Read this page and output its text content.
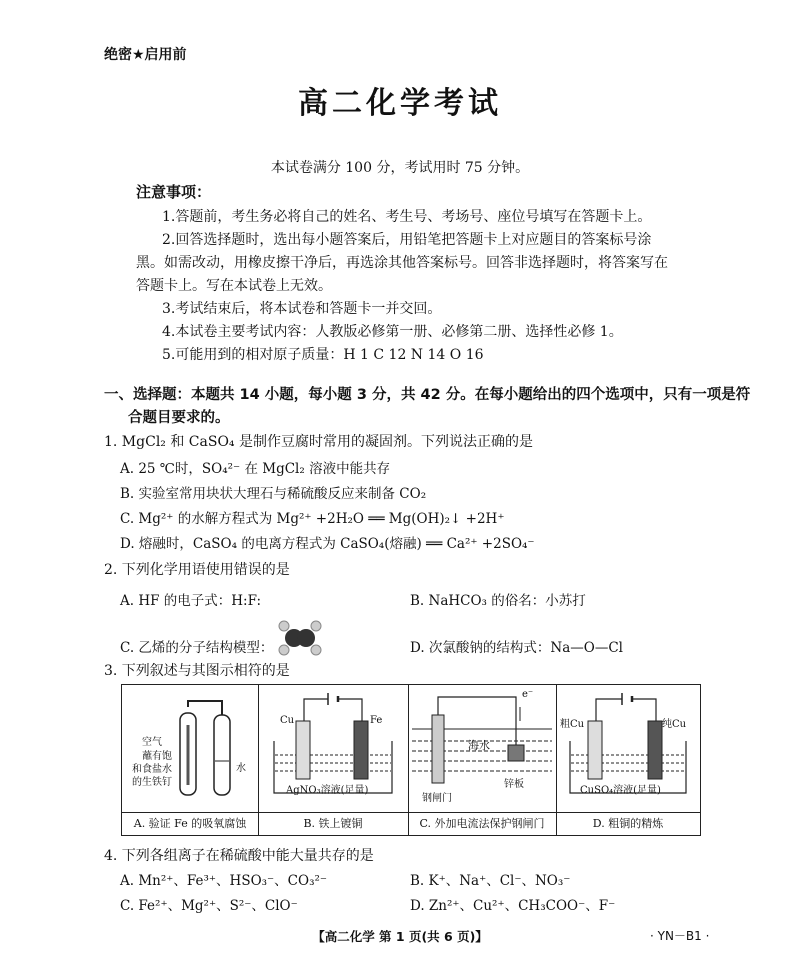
绝密★启用前
高二化学考试
本试卷满分 100 分，考试用时 75 分钟。
注意事项：
1.答题前，考生务必将自己的姓名、考生号、考场号、座位号填写在答题卡上。
2.回答选择题时，选出每小题答案后，用铅笔把答题卡上对应题目的答案标号涂
黑。如需改动，用橡皮擦干净后，再选涂其他答案标号。回答非选择题时，将答案写在
答题卡上。写在本试卷上无效。
3.考试结束后，将本试卷和答题卡一并交回。
4.本试卷主要考试内容：人教版必修第一册、必修第二册、选择性必修 1。
5.可能用到的相对原子质量：H 1 C 12 N 14 O 16
一、选择题：本题共 14 小题，每小题 3 分，共 42 分。在每小题给出的四个选项中，只有一项是符
合题目要求的。
1. MgCl₂ 和 CaSO₄ 是制作豆腐时常用的凝固剂。下列说法正确的是
A. 25 ℃时，SO₄²⁻ 在 MgCl₂ 溶液中能共存
B. 实验室常用块状大理石与稀硫酸反应来制备 CO₂
C. Mg²⁺ 的水解方程式为 Mg²⁺ +2H₂O ══ Mg(OH)₂↓ +2H⁺
D. 熔融时，CaSO₄ 的电离方程式为 CaSO₄(熔融) ══ Ca²⁺ +2SO₄⁻
2. 下列化学用语使用错误的是
A. HF 的电子式：H:F:	B. NaHCO₃ 的俗名：小苏打
C. 乙烯的分子结构模型：	D. 次氯酸钠的结构式：Na—O—Cl
3. 下列叙述与其图示相符的是
空气
蘸有饱
和食盐水
的生铁钉
水
A. 验证 Fe 的吸氧腐蚀
Cu	Fe
AgNO₃溶液(足量)
B. 铁上镀铜
e⁻
海水
钢闸门
锌板
C. 外加电流法保护钢闸门
粗Cu	纯Cu
CuSO₄溶液(足量)
D. 粗铜的精炼
4. 下列各组离子在稀硫酸中能大量共存的是
A. Mn²⁺、Fe³⁺、HSO₃⁻、CO₃²⁻	B. K⁺、Na⁺、Cl⁻、NO₃⁻
C. Fe²⁺、Mg²⁺、S²⁻、ClO⁻	D. Zn²⁺、Cu²⁺、CH₃COO⁻、F⁻
【高二化学 第 1 页(共 6 页)】	· YN－B1 ·
